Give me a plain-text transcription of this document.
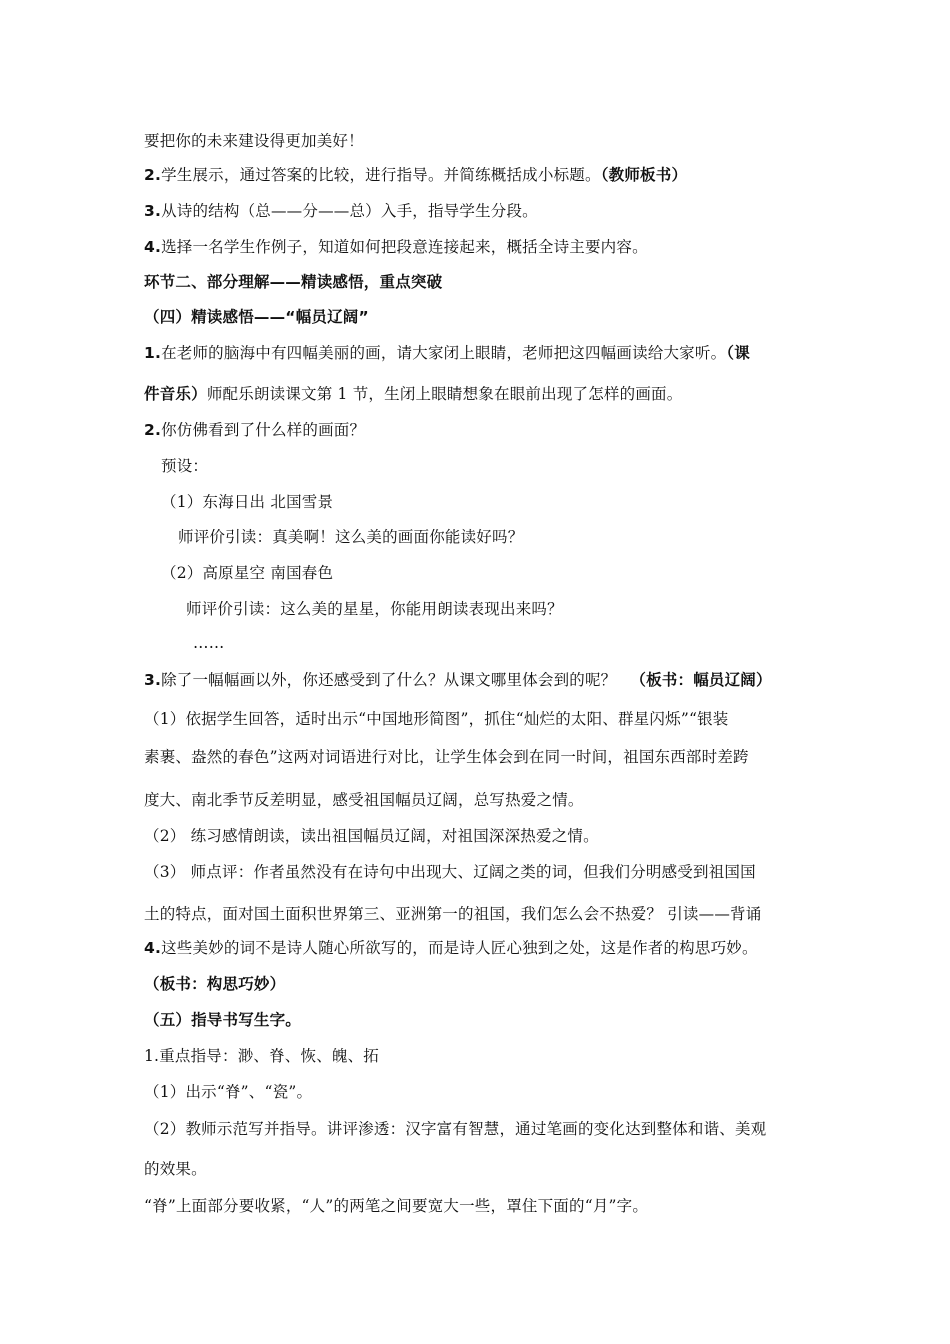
要把你的未来建设得更加美好！
2.学生展示，通过答案的比较，进行指导。并简练概括成小标题。（教师板书）
3.从诗的结构（总——分——总）入手，指导学生分段。
4.选择一名学生作例子，知道如何把段意连接起来，概括全诗主要内容。
环节二、部分理解——精读感悟，重点突破
（四）精读感悟——“幅员辽阔”
1.在老师的脑海中有四幅美丽的画，请大家闭上眼睛，老师把这四幅画读给大家听。（课
件音乐）师配乐朗读课文第 1 节，生闭上眼睛想象在眼前出现了怎样的画面。
2.你仿佛看到了什么样的画面？
预设：
（1）东海日出 北国雪景
师评价引读：真美啊！这么美的画面你能读好吗？
（2）高原星空 南国春色
师评价引读：这么美的星星，你能用朗读表现出来吗？
……
3.除了一幅幅画以外，你还感受到了什么？从课文哪里体会到的呢？ （板书：幅员辽阔）
（1）依据学生回答，适时出示“中国地形简图”，抓住“灿烂的太阳、群星闪烁”“银装
素裹、盎然的春色”这两对词语进行对比，让学生体会到在同一时间，祖国东西部时差跨
度大、南北季节反差明显，感受祖国幅员辽阔，总写热爱之情。
（2） 练习感情朗读，读出祖国幅员辽阔，对祖国深深热爱之情。
（3） 师点评：作者虽然没有在诗句中出现大、辽阔之类的词，但我们分明感受到祖国国
土的特点，面对国土面积世界第三、亚洲第一的祖国，我们怎么会不热爱？ 引读——背诵
4.这些美妙的词不是诗人随心所欲写的，而是诗人匠心独到之处，这是作者的构思巧妙。
（板书：构思巧妙）
（五）指导书写生字。
1.重点指导：渺、脊、恢、魄、拓
（1）出示“脊”、“瓷”。
（2）教师示范写并指导。讲评渗透：汉字富有智慧，通过笔画的变化达到整体和谐、美观
的效果。
“脊”上面部分要收紧，“人”的两笔之间要宽大一些，罩住下面的“月”字。
